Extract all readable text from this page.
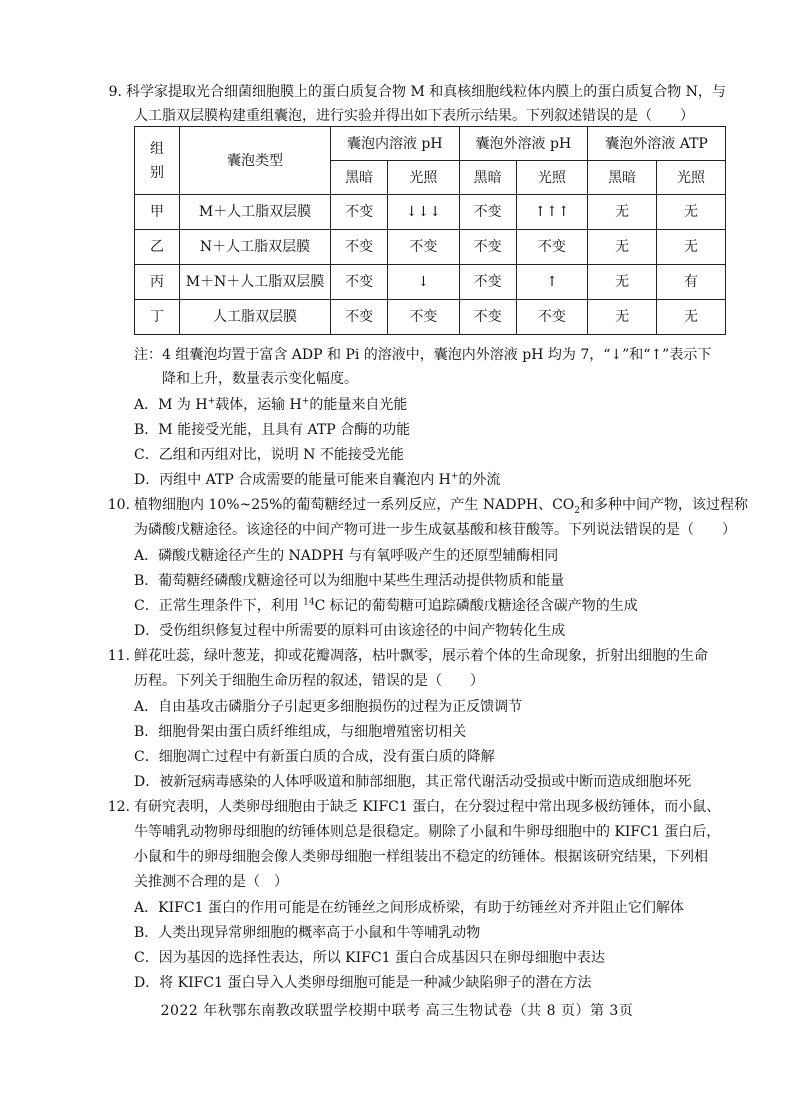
9. 科学家提取光合细菌细胞膜上的蛋白质复合物 M 和真核细胞线粒体内膜上的蛋白质复合物 N，与
人工脂双层膜构建重组囊泡，进行实验并得出如下表所示结果。下列叙述错误的是（　　）
组
别	囊泡类型	囊泡内溶液 pH		囊泡外溶液 pH		囊泡外溶液 ATP	
		黑暗	光照	黑暗	光照	黑暗	光照
甲	M＋人工脂双层膜	不变	↓↓↓	不变	↑↑↑	无	无
乙	N＋人工脂双层膜	不变	不变	不变	不变	无	无
丙	M＋N＋人工脂双层膜	不变	↓	不变	↑	无	有
丁	人工脂双层膜	不变	不变	不变	不变	无	无
注：4 组囊泡均置于富含 ADP 和 Pi 的溶液中，囊泡内外溶液 pH 均为 7，“↓”和“↑”表示下
降和上升，数量表示变化幅度。
A．M 为 H+载体，运输 H+的能量来自光能
B．M 能接受光能，且具有 ATP 合酶的功能
C．乙组和丙组对比，说明 N 不能接受光能
D．丙组中 ATP 合成需要的能量可能来自囊泡内 H+的外流
10. 植物细胞内 10%~25%的葡萄糖经过一系列反应，产生 NADPH、$CO_2$和多种中间产物，该过程称
为磷酸戊糖途径。该途径的中间产物可进一步生成氨基酸和核苷酸等。下列说法错误的是（　　）
A．磷酸戊糖途径产生的 NADPH 与有氧呼吸产生的还原型辅酶相同
B．葡萄糖经磷酸戊糖途径可以为细胞中某些生理活动提供物质和能量
C．正常生理条件下，利用 $^{14}$C 标记的葡萄糖可追踪磷酸戊糖途径含碳产物的生成
D．受伤组织修复过程中所需要的原料可由该途径的中间产物转化生成
11. 鲜花吐蕊，绿叶葱茏，抑或花瓣凋落，枯叶飘零，展示着个体的生命现象，折射出细胞的生命
历程。下列关于细胞生命历程的叙述，错误的是（　　）
A．自由基攻击磷脂分子引起更多细胞损伤的过程为正反馈调节
B．细胞骨架由蛋白质纤维组成，与细胞增殖密切相关
C．细胞凋亡过程中有新蛋白质的合成，没有蛋白质的降解
D．被新冠病毒感染的人体呼吸道和肺部细胞，其正常代谢活动受损或中断而造成细胞坏死
12. 有研究表明，人类卵母细胞由于缺乏 KIFC1 蛋白，在分裂过程中常出现多极纺锤体，而小鼠、
牛等哺乳动物卵母细胞的纺锤体则总是很稳定。剔除了小鼠和牛卵母细胞中的 KIFC1 蛋白后，
小鼠和牛的卵母细胞会像人类卵母细胞一样组装出不稳定的纺锤体。根据该研究结果，下列相
关推测不合理的是（　）
A．KIFC1 蛋白的作用可能是在纺锤丝之间形成桥梁，有助于纺锤丝对齐并阻止它们解体
B．人类出现异常卵细胞的概率高于小鼠和牛等哺乳动物
C．因为基因的选择性表达，所以 KIFC1 蛋白合成基因只在卵母细胞中表达
D．将 KIFC1 蛋白导入人类卵母细胞可能是一种减少缺陷卵子的潜在方法
2022 年秋鄂东南教改联盟学校期中联考 高三生物试卷（共 8 页）第 3页
